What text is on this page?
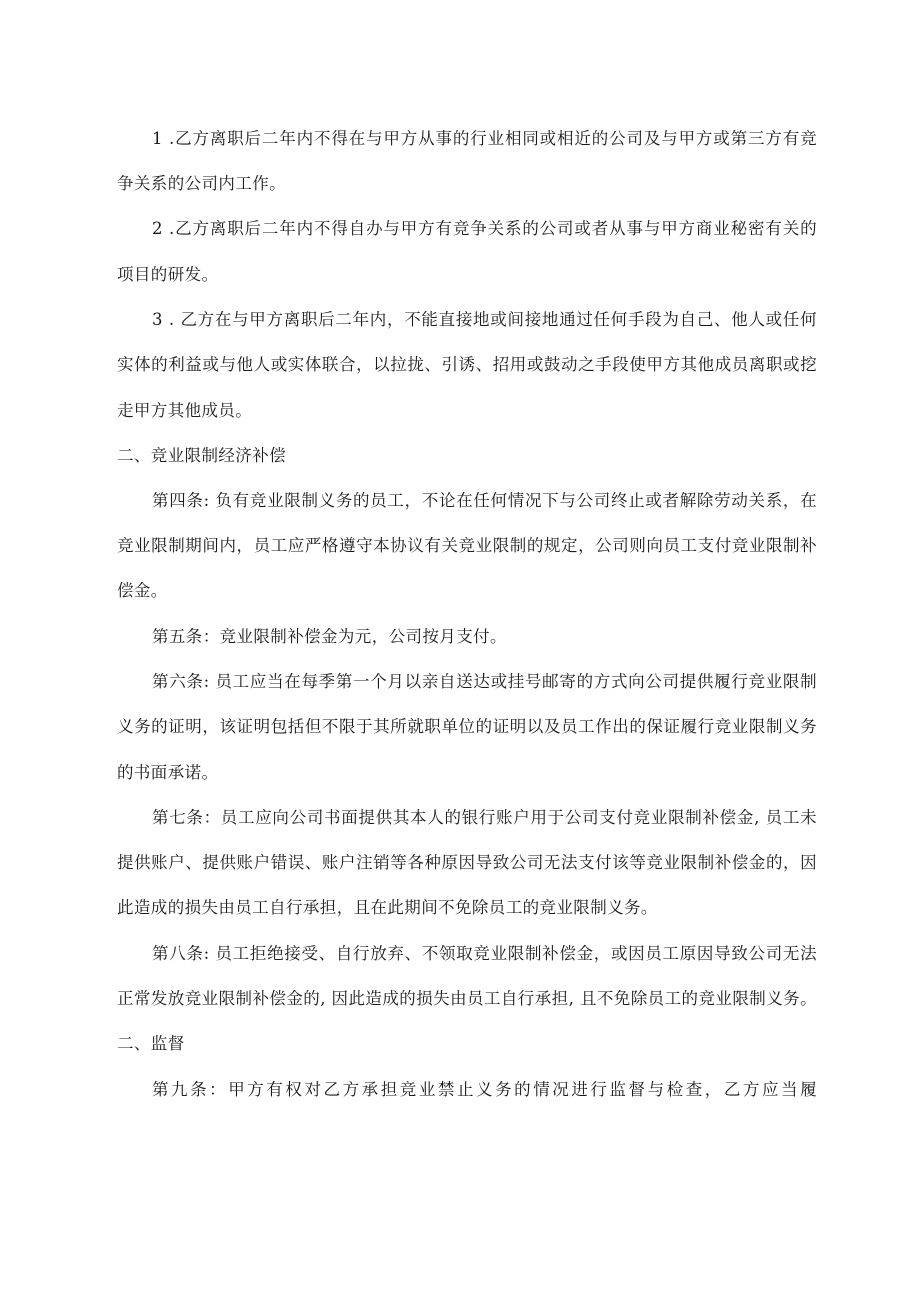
1 .乙方离职后二年内不得在与甲方从事的行业相同或相近的公司及与甲方或第三方有竞
争关系的公司内工作。
2 .乙方离职后二年内不得自办与甲方有竞争关系的公司或者从事与甲方商业秘密有关的
项目的研发。
3 . 乙方在与甲方离职后二年内，不能直接地或间接地通过任何手段为自己、他人或任何
实体的利益或与他人或实体联合，以拉拢、引诱、招用或鼓动之手段使甲方其他成员离职或挖
走甲方其他成员。
二、竞业限制经济补偿
第四条: 负有竞业限制义务的员工，不论在任何情况下与公司终止或者解除劳动关系，在
竞业限制期间内，员工应严格遵守本协议有关竞业限制的规定，公司则向员工支付竞业限制补
偿金。
第五条：竞业限制补偿金为元，公司按月支付。
第六条: 员工应当在每季第一个月以亲自送达或挂号邮寄的方式向公司提供履行竞业限制
义务的证明，该证明包括但不限于其所就职单位的证明以及员工作出的保证履行竞业限制义务
的书面承诺。
第七条：员工应向公司书面提供其本人的银行账户用于公司支付竞业限制补偿金, 员工未
提供账户、提供账户错误、账户注销等各种原因导致公司无法支付该等竞业限制补偿金的，因
此造成的损失由员工自行承担，且在此期间不免除员工的竞业限制义务。
第八条: 员工拒绝接受、自行放弃、不领取竞业限制补偿金，或因员工原因导致公司无法
正常发放竞业限制补偿金的, 因此造成的损失由员工自行承担, 且不免除员工的竞业限制义务。
二、监督
第九条：甲方有权对乙方承担竞业禁止义务的情况进行监督与检查，乙方应当履
